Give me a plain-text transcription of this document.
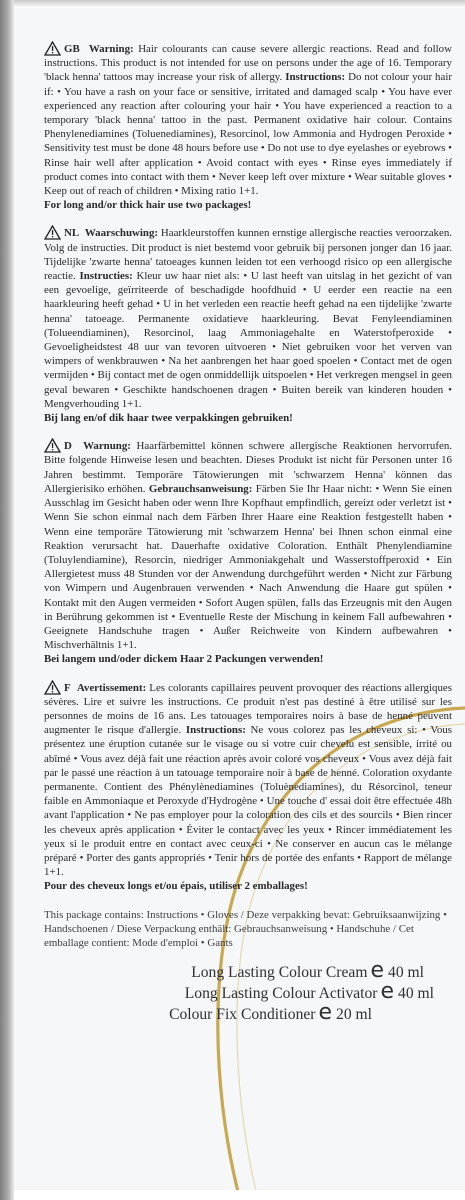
GB Warning: Hair colourants can cause severe allergic reactions. Read and follow instructions. This product is not intended for use on persons under the age of 16. Temporary 'black henna' tattoos may increase your risk of allergy. Instructions: Do not colour your hair if: • You have a rash on your face or sensitive, irritated and damaged scalp • You have ever experienced any reaction after colouring your hair • You have experienced a reaction to a temporary 'black henna' tattoo in the past. Permanent oxidative hair colour. Contains Phenylenediamines (Toluenediamines), Resorcinol, low Ammonia and Hydrogen Peroxide • Sensitivity test must be done 48 hours before use • Do not use to dye eyelashes or eyebrows • Rinse hair well after application • Avoid contact with eyes • Rinse eyes immediately if product comes into contact with them • Never keep left over mixture • Wear suitable gloves • Keep out of reach of children • Mixing ratio 1+1.

For long and/or thick hair use two packages!

NL Waarschuwing: Haarkleurstoffen kunnen ernstige allergische reacties veroorzaken. Volg de instructies. Dit product is niet bestemd voor gebruik bij personen jonger dan 16 jaar. Tijdelijke 'zwarte henna' tatoeages kunnen leiden tot een verhoogd risico op een allergische reactie. Instructies: Kleur uw haar niet als: • U last heeft van uitslag in het gezicht of van een gevoelige, geïrriteerde of beschadigde hoofdhuid • U eerder een reactie na een haarkleuring heeft gehad • U in het verleden een reactie heeft gehad na een tijdelijke 'zwarte henna' tatoeage. Permanente oxidatieve haarkleuring. Bevat Fenyleendiaminen (Tolueendiaminen), Resorcinol, laag Ammoniagehalte en Waterstofperoxide • Gevoeligheidstest 48 uur van tevoren uitvoeren • Niet gebruiken voor het verven van wimpers of wenkbrauwen • Na het aanbrengen het haar goed spoelen • Contact met de ogen vermijden • Bij contact met de ogen onmiddellijk uitspoelen • Het verkregen mengsel in geen geval bewaren • Geschikte handschoenen dragen • Buiten bereik van kinderen houden • Mengverhouding 1+1.

Bij lang en/of dik haar twee verpakkingen gebruiken!

D Warnung: Haarfärbemittel können schwere allergische Reaktionen hervorrufen. Bitte folgende Hinweise lesen und beachten. Dieses Produkt ist nicht für Personen unter 16 Jahren bestimmt. Temporäre Tätowierungen mit 'schwarzem Henna' können das Allergierisiko erhöhen. Gebrauchsanweisung: Färben Sie Ihr Haar nicht: • Wenn Sie einen Ausschlag im Gesicht haben oder wenn Ihre Kopfhaut empfindlich, gereizt oder verletzt ist • Wenn Sie schon einmal nach dem Färben Ihrer Haare eine Reaktion festgestellt haben • Wenn eine temporäre Tätowierung mit 'schwarzem Henna' bei Ihnen schon einmal eine Reaktion verursacht hat. Dauerhafte oxidative Coloration. Enthält Phenylendiamine (Toluylendiamine), Resorcin, niedriger Ammoniakgehalt und Wasserstoffperoxid • Ein Allergietest muss 48 Stunden vor der Anwendung durchgeführt werden • Nicht zur Färbung von Wimpern und Augenbrauen verwenden • Nach Anwendung die Haare gut spülen • Kontakt mit den Augen vermeiden • Sofort Augen spülen, falls das Erzeugnis mit den Augen in Berührung gekommen ist • Eventuelle Reste der Mischung in keinem Fall aufbewahren • Geeignete Handschuhe tragen • Außer Reichweite von Kindern aufbewahren • Mischverhältnis 1+1.

Bei langem und/oder dickem Haar 2 Packungen verwenden!

F Avertissement: Les colorants capillaires peuvent provoquer des réactions allergiques sévères. Lire et suivre les instructions. Ce produit n'est pas destiné à être utilisé sur les personnes de moins de 16 ans. Les tatouages temporaires noirs à base de henné peuvent augmenter le risque d'allergie. Instructions: Ne vous colorez pas les cheveux si: • Vous présentez une éruption cutanée sur le visage ou si votre cuir chevelu est sensible, irrité ou abîmé • Vous avez déjà fait une réaction après avoir coloré vos cheveux • Vous avez déjà fait par le passé une réaction à un tatouage temporaire noir à base de henné. Coloration oxydante permanente. Contient des Phénylènediamines (Toluènediamines), du Résorcinol, teneur faible en Ammoniaque et Peroxyde d'Hydrogène • Une touche d' essai doit être effectuée 48h avant l'application • Ne pas employer pour la coloration des cils et des sourcils • Bien rincer les cheveux après application • Éviter le contact avec les yeux • Rincer immédiatement les yeux si le produit entre en contact avec ceux-ci • Ne conserver en aucun cas le mélange préparé • Porter des gants appropriés • Tenir hors de portée des enfants • Rapport de mélange 1+1.

Pour des cheveux longs et/ou épais, utiliser 2 emballages!

This package contains: Instructions • Gloves / Deze verpakking bevat: Gebruiksaanwijzing • Handschoenen / Diese Verpackung enthält: Gebrauchsanweisung • Handschuhe / Cet emballage contient: Mode d'emploi • Gants
Long Lasting Colour Cream e 40 ml
Long Lasting Colour Activator e 40 ml
Colour Fix Conditioner e 20 ml
